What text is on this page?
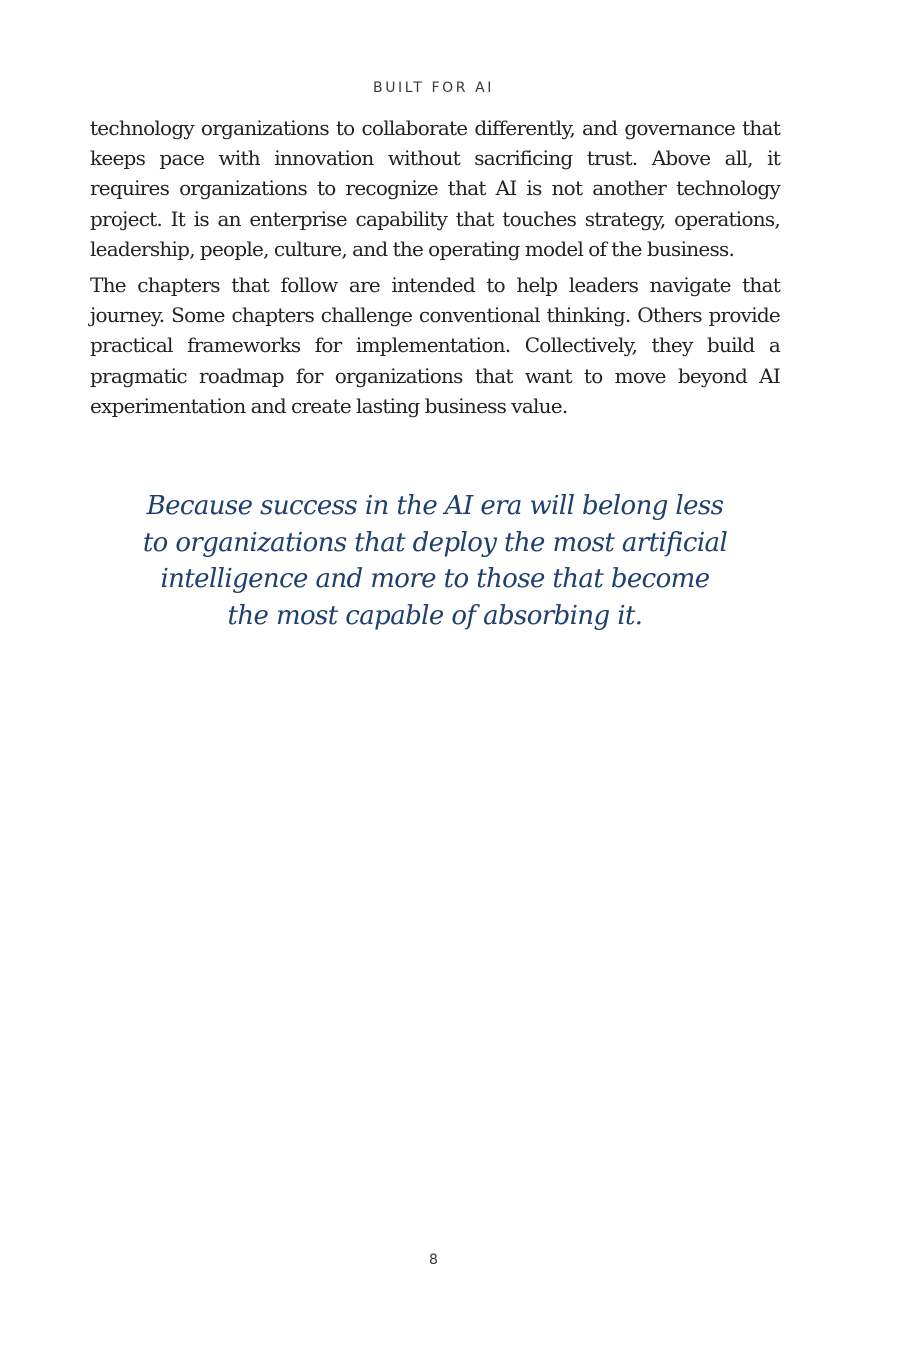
BUILT FOR AI

technology organizations to collaborate differently, and governance that keeps pace with innovation without sacrificing trust. Above all, it requires organizations to recognize that AI is not another technology project. It is an enterprise capability that touches strategy, operations, leadership, people, culture, and the operating model of the business.

The chapters that follow are intended to help leaders navigate that journey. Some chapters challenge conventional thinking. Others provide practical frameworks for implementation. Collectively, they build a pragmatic roadmap for organizations that want to move beyond AI experimentation and create lasting business value.

Because success in the AI era will belong less to organizations that deploy the most artificial intelligence and more to those that become the most capable of absorbing it.
8
